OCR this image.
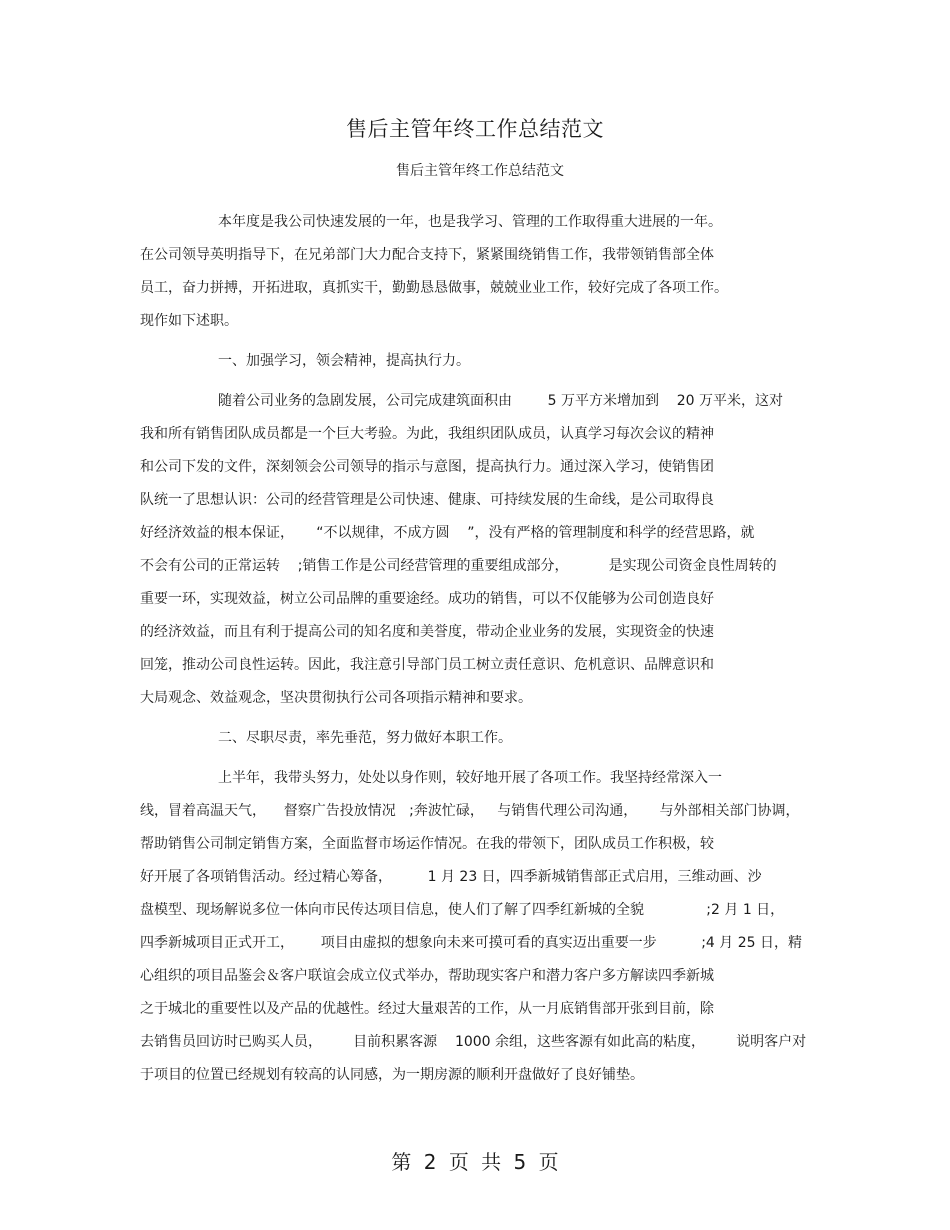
售后主管年终工作总结范文
售后主管年终工作总结范文
本年度是我公司快速发展的一年，也是我学习、管理的工作取得重大进展的一年。
在公司领导英明指导下，在兄弟部门大力配合支持下，紧紧围绕销售工作，我带领销售部全体
员工，奋力拼搏，开拓进取，真抓实干，勤勤恳恳做事，兢兢业业工作，较好完成了各项工作。
现作如下述职。
一、加强学习，领会精神，提高执行力。
随着公司业务的急剧发展，公司完成建筑面积由        5 万平方米增加到    20 万平米，这对
我和所有销售团队成员都是一个巨大考验。为此，我组织团队成员，认真学习每次会议的精神
和公司下发的文件，深刻领会公司领导的指示与意图，提高执行力。通过深入学习，使销售团
队统一了思想认识：公司的经营管理是公司快速、健康、可持续发展的生命线，是公司取得良
好经济效益的根本保证，     “不以规律，不成方圆    ”，没有严格的管理制度和科学的经营思路，就
不会有公司的正常运转    ;销售工作是公司经营管理的重要组成部分，         是实现公司资金良性周转的
重要一环，实现效益，树立公司品牌的重要途经。成功的销售，可以不仅能够为公司创造良好
的经济效益，而且有利于提高公司的知名度和美誉度，带动企业业务的发展，实现资金的快速
回笼，推动公司良性运转。因此，我注意引导部门员工树立责任意识、危机意识、品牌意识和
大局观念、效益观念，坚决贯彻执行公司各项指示精神和要求。
二、尽职尽责，率先垂范，努力做好本职工作。
上半年，我带头努力，处处以身作则，较好地开展了各项工作。我坚持经常深入一
线，冒着高温天气，    督察广告投放情况   ;奔波忙碌，   与销售代理公司沟通，     与外部相关部门协调，
帮助销售公司制定销售方案，全面监督市场运作情况。在我的带领下，团队成员工作积极，较
好开展了各项销售活动。经过精心筹备，        1 月 23 日，四季新城销售部正式启用，三维动画、沙
盘模型、现场解说多位一体向市民传达项目信息，使人们了解了四季红新城的全貌              ;2 月 1 日，
四季新城项目正式开工，      项目由虚拟的想象向未来可摸可看的真实迈出重要一步          ;4 月 25 日，精
心组织的项目品鉴会＆客户联谊会成立仪式举办，帮助现实客户和潜力客户多方解读四季新城
之于城北的重要性以及产品的优越性。经过大量艰苦的工作，从一月底销售部开张到目前，除
去销售员回访时已购买人员，       目前积累客源    1000 余组，这些客源有如此高的粘度，       说明客户对
于项目的位置已经规划有较高的认同感，为一期房源的顺利开盘做好了良好铺垫。
第 2 页 共 5 页
